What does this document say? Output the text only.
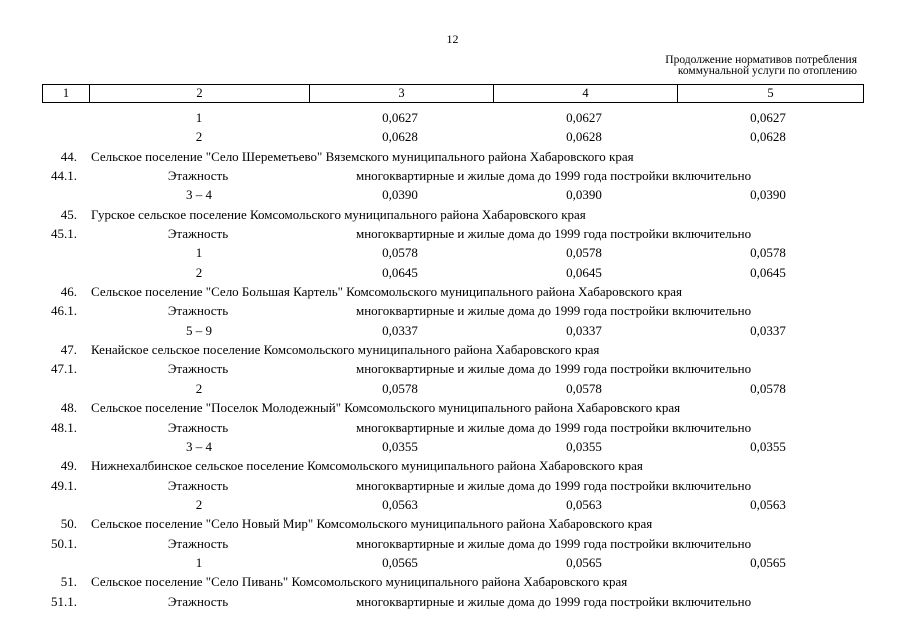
12
Продолжение нормативов потребления
коммунальной услуги по отоплению
1	2	3	4	5
1	0,0627	0,0627	0,0627
2	0,0628	0,0628	0,0628
44. Сельское поселение "Село Шереметьево" Вяземского муниципального района Хабаровского края
44.1.	Этажность	многоквартирные и жилые дома до 1999 года постройки включительно
3 – 4	0,0390	0,0390	0,0390
45. Гурское сельское поселение Комсомольского муниципального района Хабаровского края
45.1.	Этажность	многоквартирные и жилые дома до 1999 года постройки включительно
1	0,0578	0,0578	0,0578
2	0,0645	0,0645	0,0645
46. Сельское поселение "Село Большая Картель" Комсомольского муниципального района Хабаровского края
46.1.	Этажность	многоквартирные и жилые дома до 1999 года постройки включительно
5 – 9	0,0337	0,0337	0,0337
47. Кенайское сельское поселение Комсомольского муниципального района Хабаровского края
47.1.	Этажность	многоквартирные и жилые дома до 1999 года постройки включительно
2	0,0578	0,0578	0,0578
48. Сельское поселение "Поселок Молодежный" Комсомольского муниципального района Хабаровского края
48.1.	Этажность	многоквартирные и жилые дома до 1999 года постройки включительно
3 – 4	0,0355	0,0355	0,0355
49. Нижнехалбинское сельское поселение Комсомольского муниципального района Хабаровского края
49.1.	Этажность	многоквартирные и жилые дома до 1999 года постройки включительно
2	0,0563	0,0563	0,0563
50. Сельское поселение "Село Новый Мир" Комсомольского муниципального района Хабаровского края
50.1.	Этажность	многоквартирные и жилые дома до 1999 года постройки включительно
1	0,0565	0,0565	0,0565
51. Сельское поселение "Село Пивань" Комсомольского муниципального района Хабаровского края
51.1.	Этажность	многоквартирные и жилые дома до 1999 года постройки включительно
